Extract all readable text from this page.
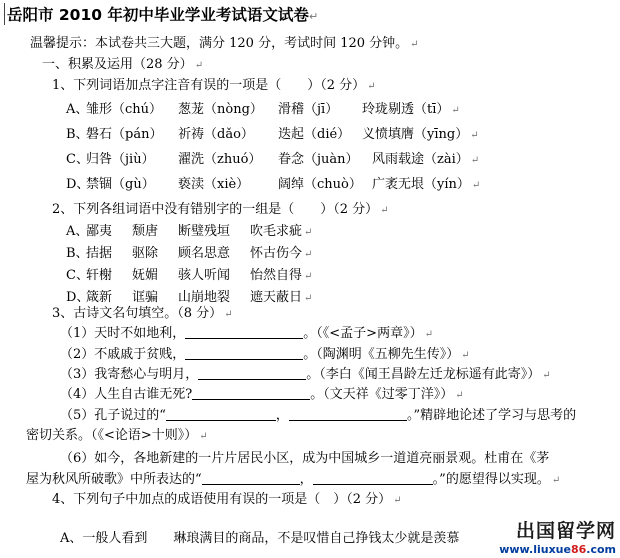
岳阳市 2010 年初中毕业学业考试语文试卷↵
温馨提示：本试卷共三大题，满分 120 分，考试时间 120 分钟。 ↵
一、积累及运用（28 分） ↵
1、下列词语加点字注音有误的一项是（　　）（2 分） ↵
A、雏形（chú） 葱茏（nòng） 滑稽（jī） 玲珑剔透（tī） ↵
B、磐石（pán） 祈祷（dǎo） 迭起（dié） 义愤填膺（yīng） ↵
C、归咎（jiù） 濯洗（zhuó） 眷念（juàn） 风雨载途（zài） ↵
D、禁锢（gù） 亵渎（xiè） 阔绰（chuò） 广袤无垠（yín） ↵
2、下列各组词语中没有错别字的一组是（　　）（2 分） ↵
A、鄙夷 颓唐 断璧残垣 吹毛求疵 ↵
B、拮据 驱除 顾名思意 怀古伤今 ↵
C、轩榭 妩媚 骇人听闻 怡然自得 ↵
D、箴新 诓骗 山崩地裂 遮天蔽日 ↵
3、古诗文名句填空。（8 分） ↵
（1）天时不如地利，	。（《<孟子>两章》） ↵
（2）不戚戚于贫贱，	。（陶渊明《五柳先生传》） ↵
（3）我寄愁心与明月，	。（李白《闻王昌龄左迁龙标遥有此寄》） ↵
（4）人生自古谁无死?	。（文天祥《过零丁洋》） ↵
（5）孔子说过的“	，	。”精辟地论述了学习与思考的
密切关系。（《<论语>十则》） ↵
（6）如今，各地新建的一片片居民小区，成为中国城乡一道道亮丽景观。杜甫在《茅
屋为秋风所破歌》中所表达的“	，	。”的愿望得以实现。 ↵
4、下列句子中加点的成语使用有误的一项是（　）（2 分） ↵
A、一般人看到　　琳琅满目的商品，不是叹惜自己挣钱太少就是羡慕	出国留学网
www.liuxue86.com
